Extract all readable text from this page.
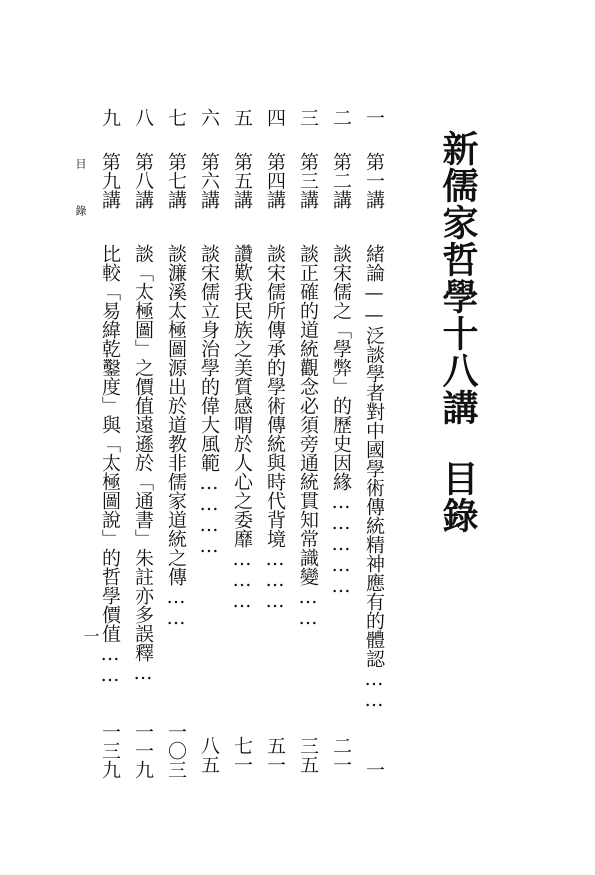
新儒家哲學十八講目錄
一
第一講
緒論——泛談學者對中國學術傳統精神應有的體認……
一
二
第二講
談宋儒之「學弊」的歷史因緣……………
二一
三
第三講
談正確的道統觀念必須旁通統貫知常識變……
三五
四
第四講
談宋儒所傳承的學術傳統與時代背境………
五一
五
第五講
讚歎我民族之美質感喟於人心之委靡………
七一
六
第六講
談宋儒立身治學的偉大風範…………
八五
七
第七講
談濂溪太極圖源出於道教非儒家道統之傳……
一〇三
八
第八講
談「太極圖」之價值遠遜於「通書」朱註亦多誤釋…
一一九
九
第九講
比較「易緯乾鑿度」與「太極圖說」的哲學價值……
一三九
目
錄
一
